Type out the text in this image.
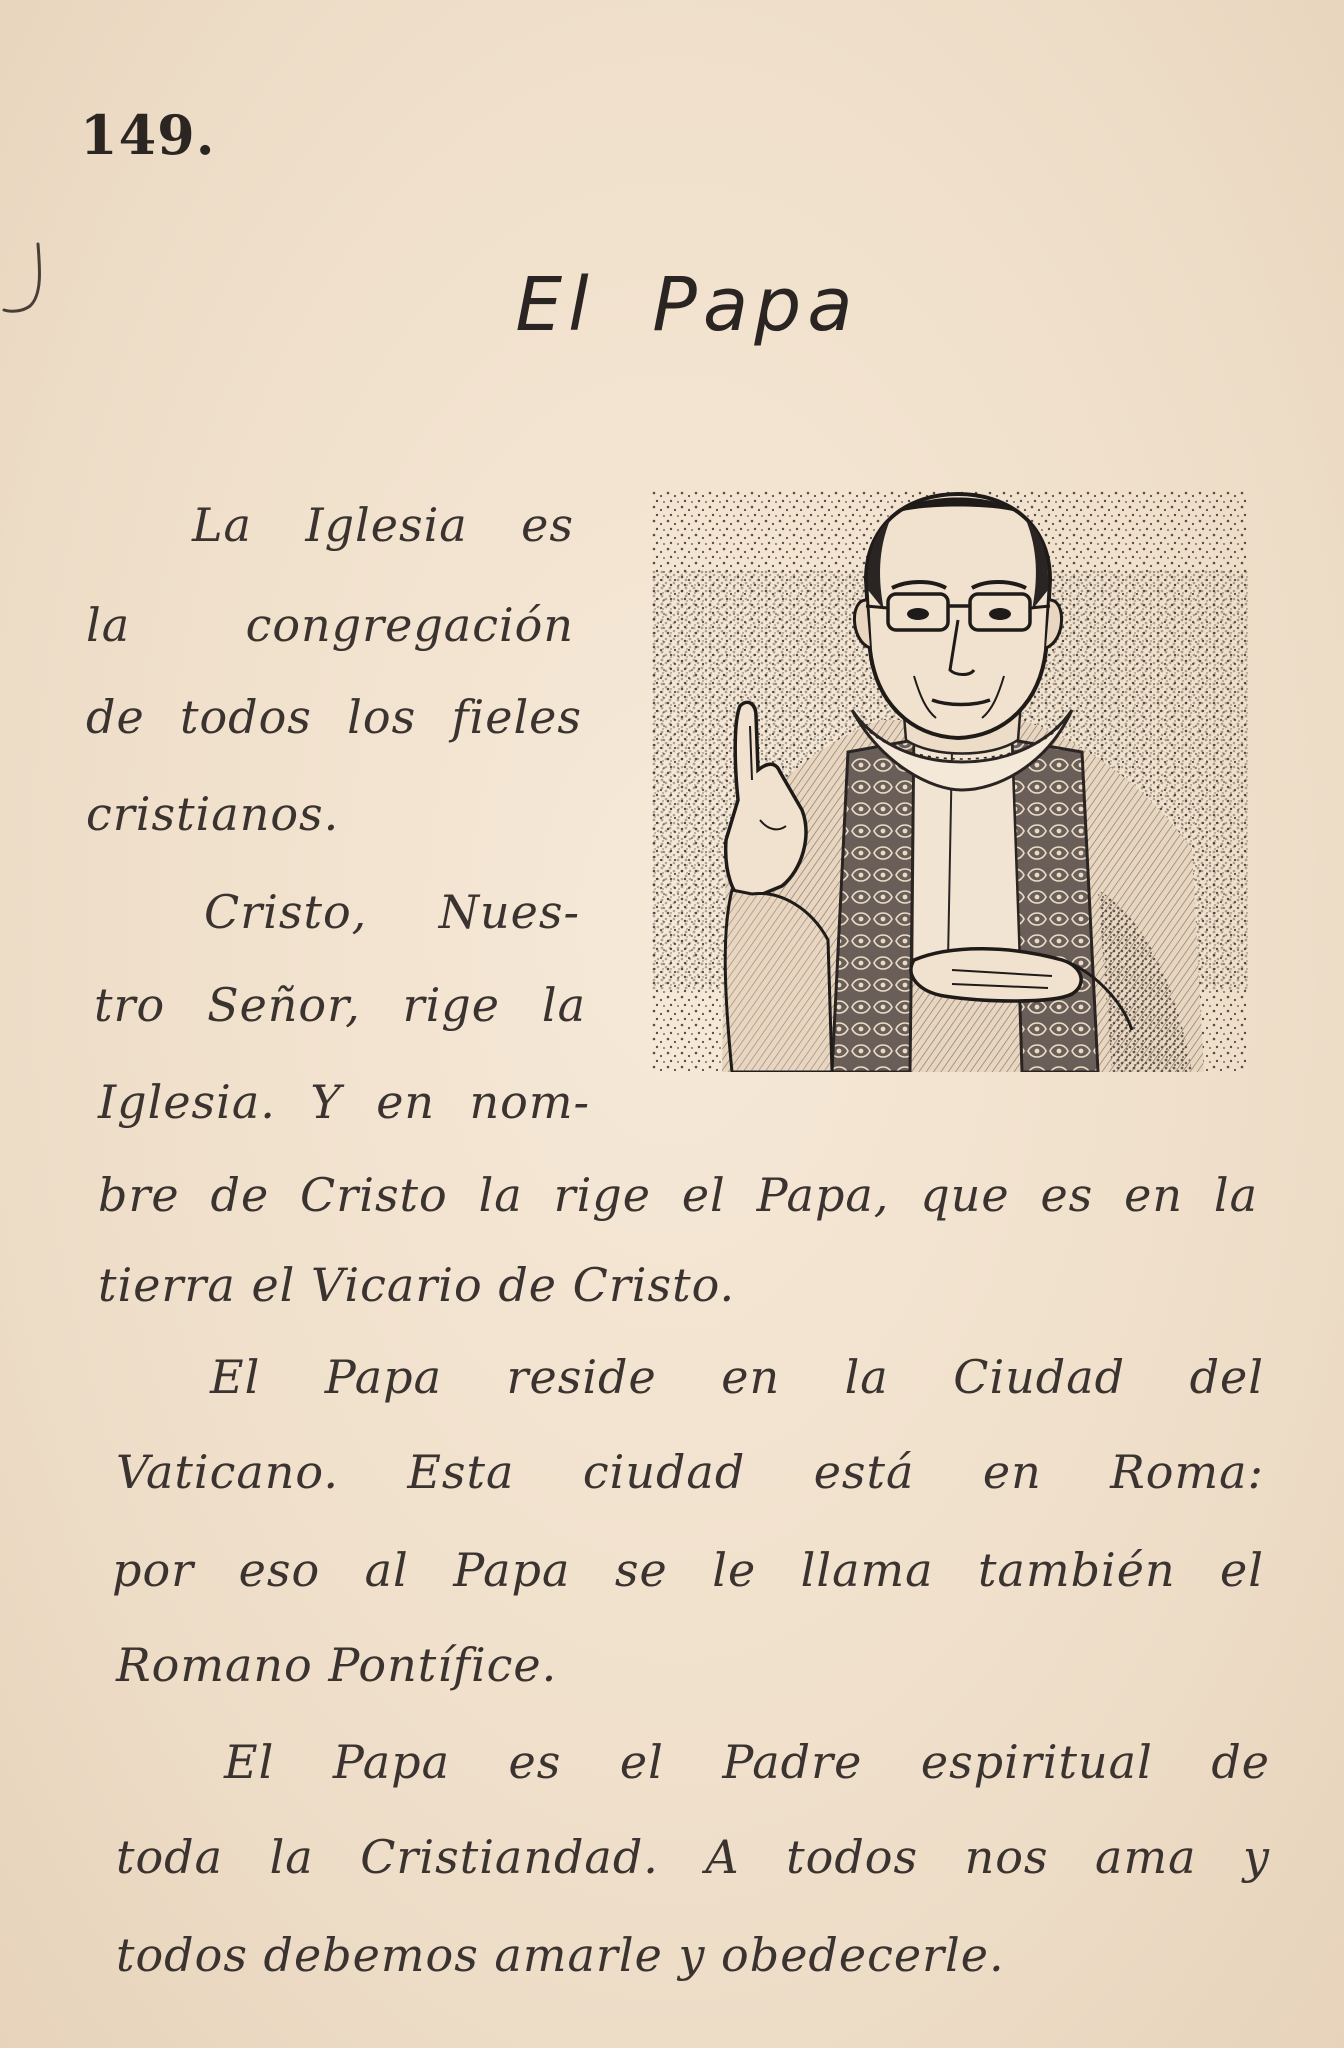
149.
El Papa
La Iglesia es
la congregación
de todos los fieles
cristianos.
Cristo, Nues-
tro Señor, rige la
Iglesia. Y en nom-
bre de Cristo la rige el Papa, que es en la
tierra el Vicario de Cristo.
El Papa reside en la Ciudad del
Vaticano. Esta ciudad está en Roma:
por eso al Papa se le llama también el
Romano Pontífice.
El Papa es el Padre espiritual de
toda la Cristiandad. A todos nos ama y
todos debemos amarle y obedecerle.
